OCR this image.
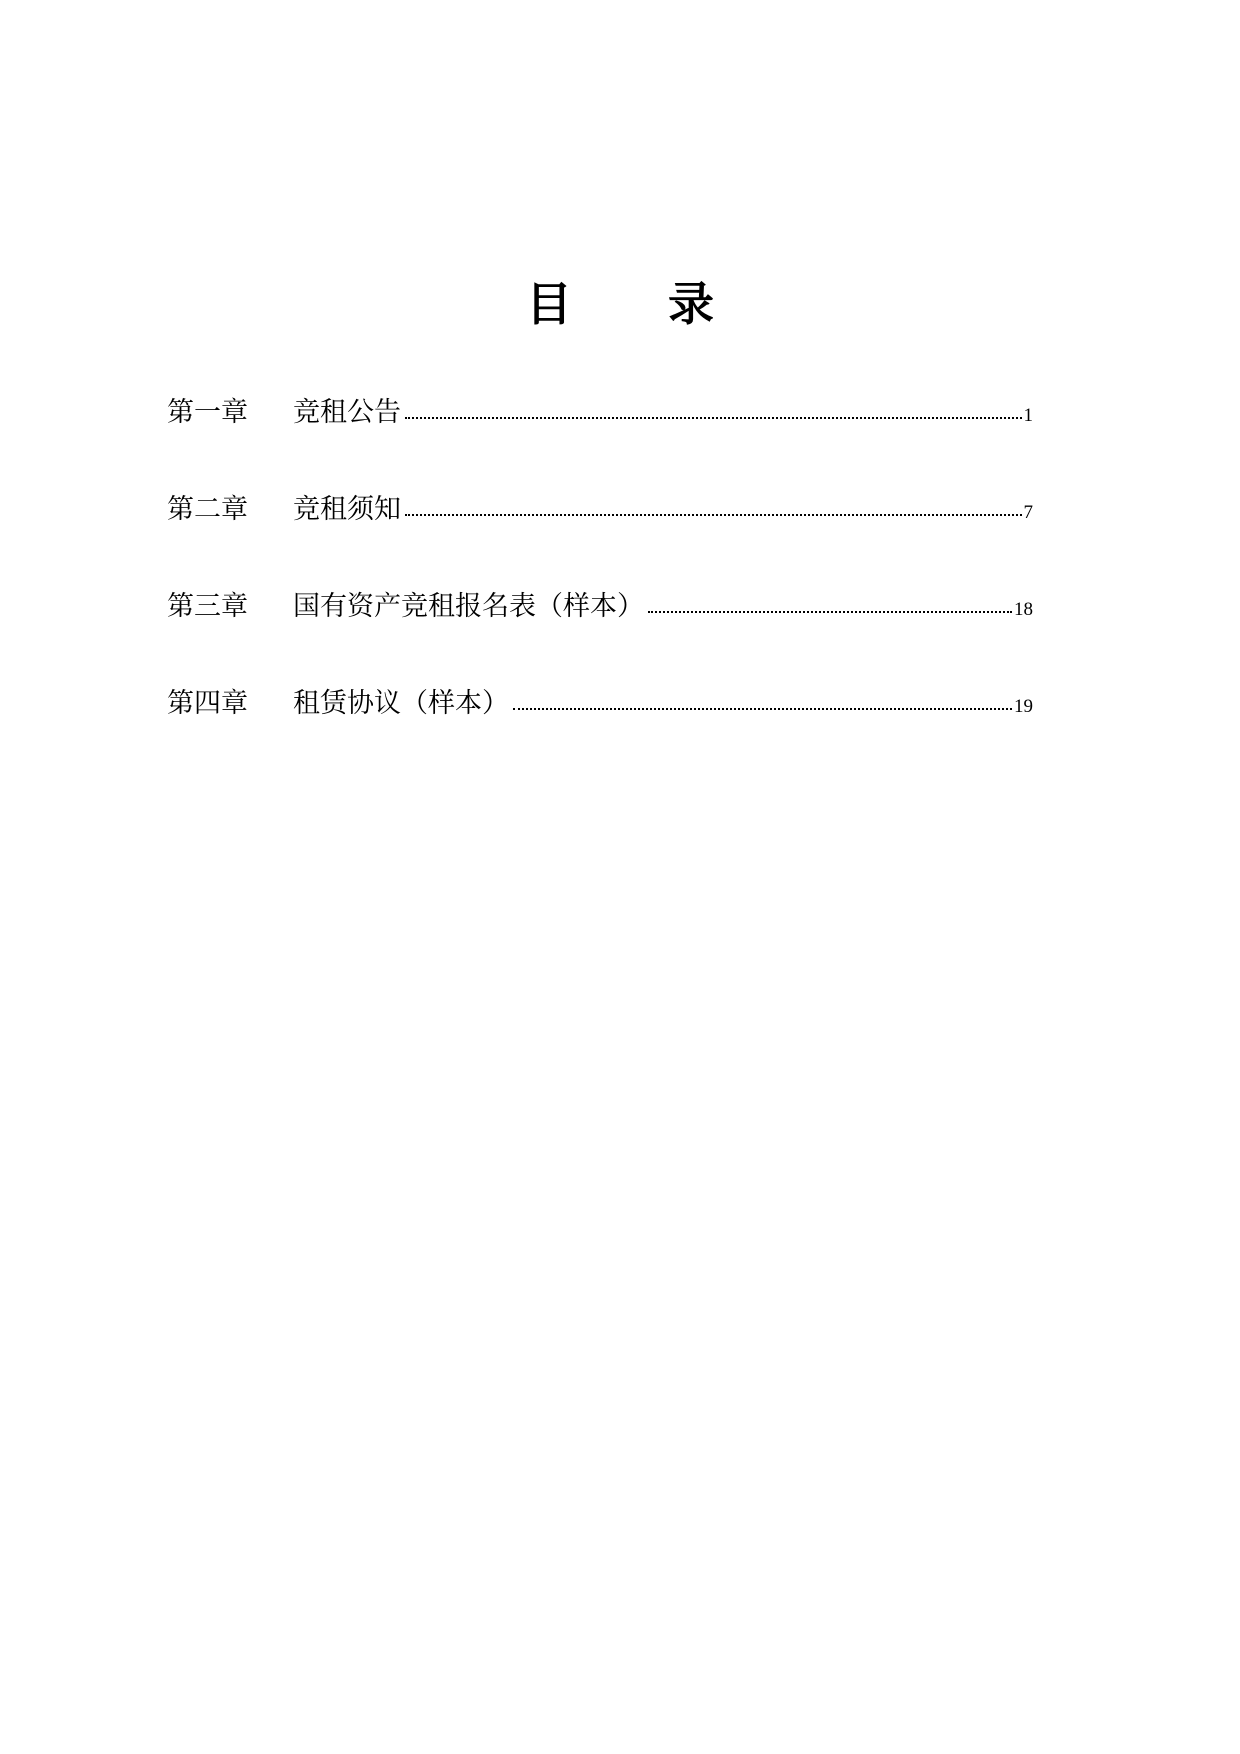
目 录
第一章	竞租公告	1
第二章	竞租须知	7
第三章	国有资产竞租报名表（样本）	18
第四章	租赁协议（样本）	19
